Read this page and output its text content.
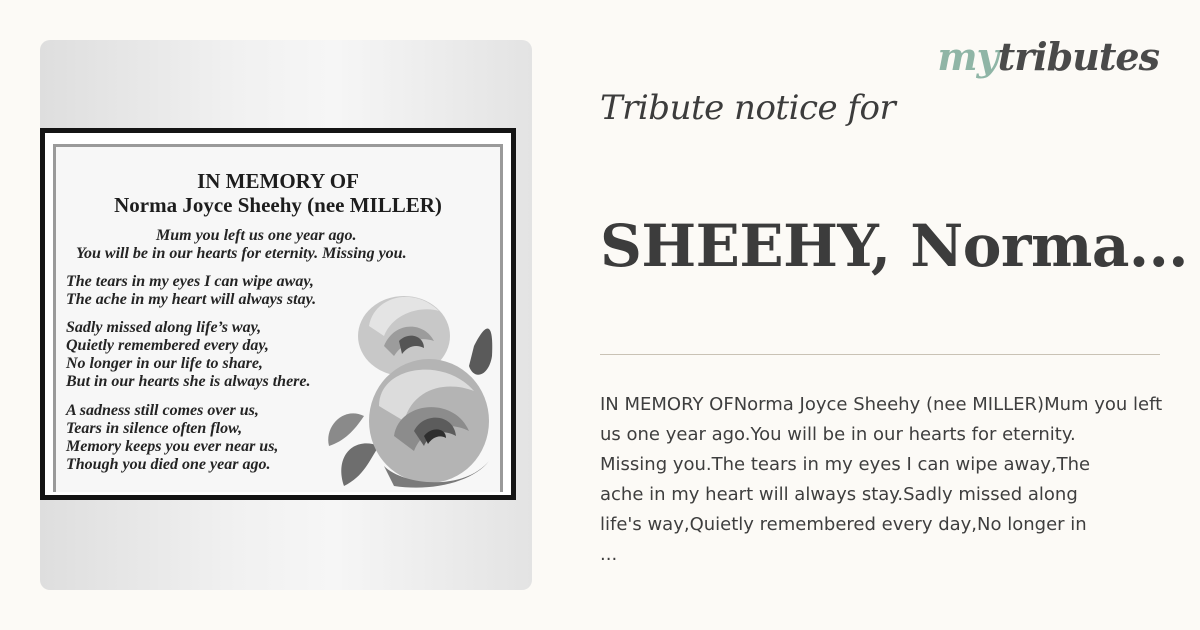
IN MEMORY OF
Norma Joyce Sheehy (nee MILLER)
Mum you left us one year ago.
You will be in our hearts for eternity. Missing you.
The tears in my eyes I can wipe away,
The ache in my heart will always stay.
Sadly missed along life’s way,
Quietly remembered every day,
No longer in our life to share,
But in our hearts she is always there.
A sadness still comes over us,
Tears in silence often flow,
Memory keeps you ever near us,
Though you died one year ago.
mytributes
Tribute notice for
SHEEHY, Norma...
IN MEMORY OFNorma Joyce Sheehy (nee MILLER)Mum you left
us one year ago.You will be in our hearts for eternity.
Missing you.The tears in my eyes I can wipe away,The
ache in my heart will always stay.Sadly missed along
life's way,Quietly remembered every day,No longer in
...
